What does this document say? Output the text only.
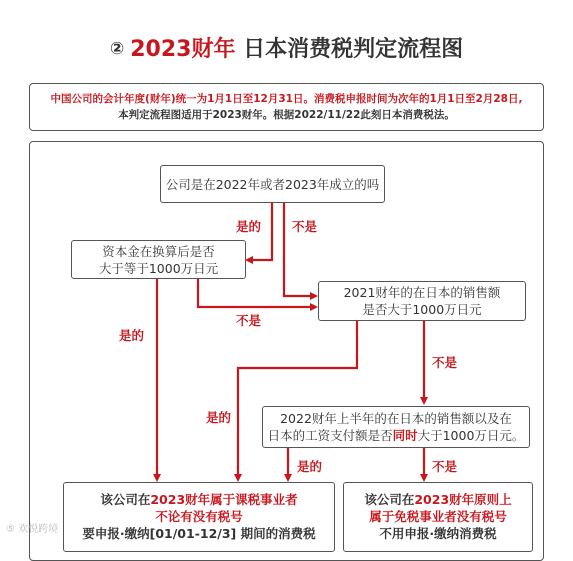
② 2023财年 日本消费税判定流程图
中国公司的会计年度(财年)统一为1月1日至12月31日。消费税申报时间为次年的1月1日至2月28日,
本判定流程图适用于2023财年。根据2022/11/22此刻日本消费税法。
公司是在2022年或者2023年成立的吗
资本金在换算后是否
大于等于1000万日元
2021财年的在日本的销售额
是否大于1000万日元
2022财年上半年的在日本的销售额以及在
日本的工资支付额是否同时大于1000万日元。
该公司在2023财年属于课税事业者
不论有没有税号
要申报·缴纳[01/01-12/3] 期间的消费税
该公司在2023财年原则上
属于免税事业者没有税号
不用申报·缴纳消费税
是的 不是
不是
是的
不是
是的
是的	不是
⑤ 欢悦跨境
